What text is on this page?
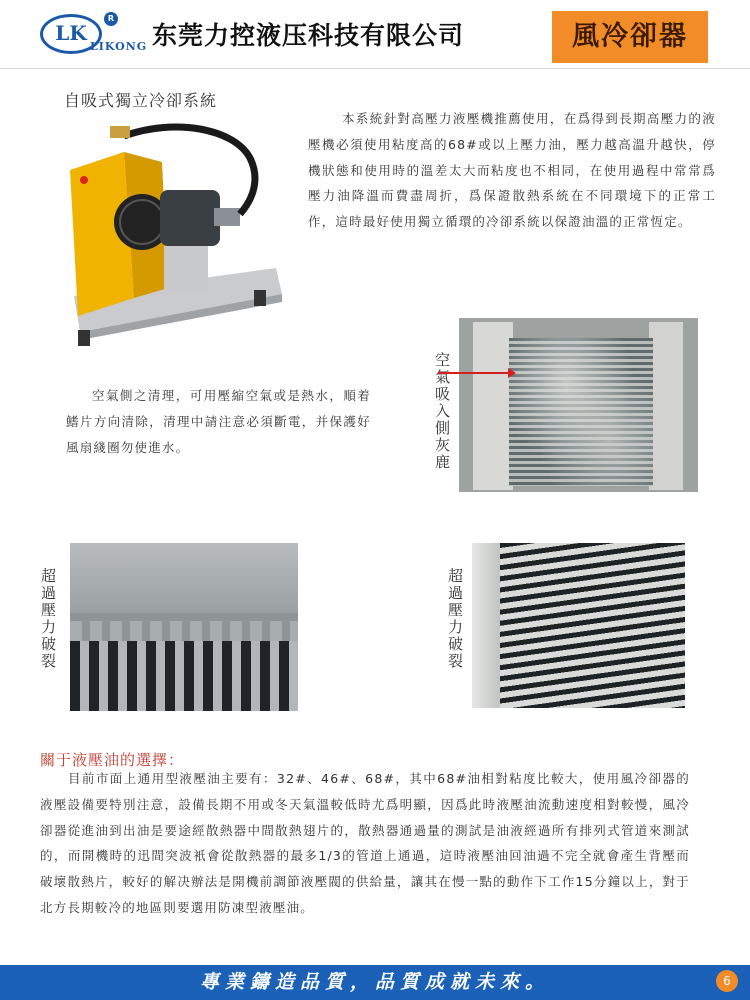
LK
R
LIKONG 东莞力控液压科技有限公司	風冷卻器
自吸式獨立冷卻系統
本系統針對高壓力液壓機推薦使用，在爲得到長期高壓力的液壓機必須使用粘度高的68#或以上壓力油，壓力越高溫升越快，停機狀態和使用時的溫差太大而粘度也不相同，在使用過程中常常爲壓力油降溫而費盡周折，爲保證散熱系統在不同環境下的正常工作，這時最好使用獨立循環的冷卻系統以保證油溫的正常恆定。
空氣側之清理，可用壓縮空氣或是熱水，順着鰭片方向清除，清理中請注意必須斷電，并保護好風扇綫圈勿使進水。	空氣吸入側灰鹿
超過壓力破裂	超過壓力破裂
關于液壓油的選擇：
目前市面上通用型液壓油主要有：32#、46#、68#，其中68#油相對粘度比較大，使用風冷卻器的液壓設備要特別注意，設備長期不用或冬天氣溫較低時尤爲明顯，因爲此時液壓油流動速度相對較慢，風冷卻器從進油到出油是要途經散熱器中間散熱翅片的，散熱器通過量的測試是油液經過所有排列式管道來測試的，而開機時的迅間突波衹會從散熱器的最多1/3的管道上通過，這時液壓油回油過不完全就會產生背壓而破壞散熱片，較好的解决辦法是開機前調節液壓閥的供給量，讓其在慢一點的動作下工作15分鐘以上，對于北方長期較冷的地區則要選用防凍型液壓油。
專業鑄造品質，品質成就未來。	6
